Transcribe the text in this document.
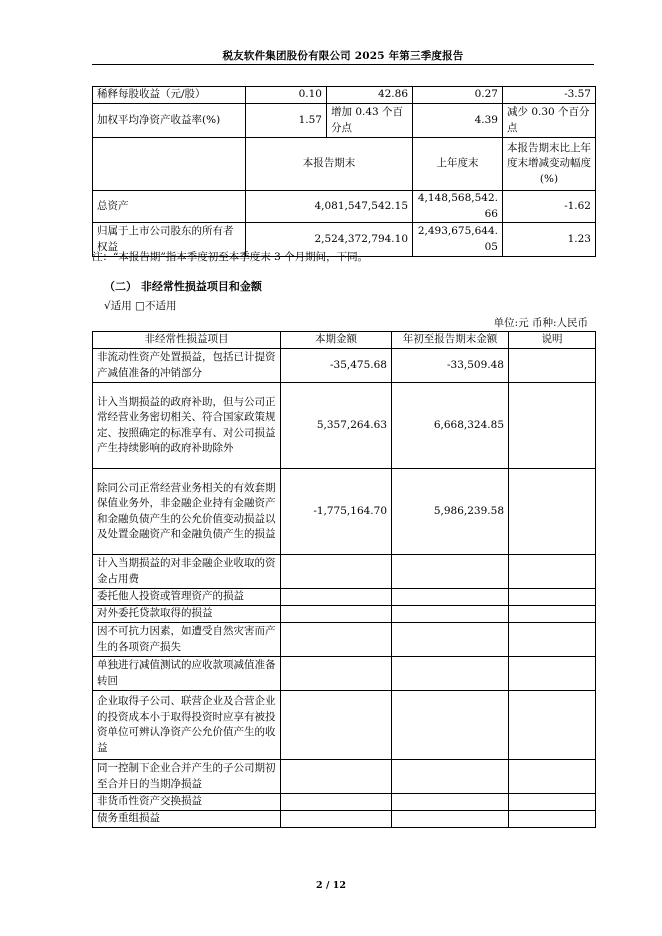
税友软件集团股份有限公司 2025 年第三季度报告
稀释每股收益（元/股）	0.10	42.86	0.27	-3.57
加权平均净资产收益率(%)	1.57	增加 0.43 个百分点	4.39	减少 0.30 个百分点
	本报告期末		上年度末	本报告期末比上年度末增减变动幅度(%)
总资产	4,081,547,542.15		4,148,568,542.66	-1.62
归属于上市公司股东的所有者权益	2,524,372,794.10		2,493,675,644.05	1.23
注：“本报告期”指本季度初至本季度末 3 个月期间，下同。
（二） 非经常性损益项目和金额
√适用 □不适用
单位:元 币种:人民币
非经常性损益项目	本期金额	年初至报告期末金额	说明
非流动性资产处置损益，包括已计提资产减值准备的冲销部分	-35,475.68	-33,509.48	
计入当期损益的政府补助，但与公司正常经营业务密切相关、符合国家政策规定、按照确定的标准享有、对公司损益产生持续影响的政府补助除外	5,357,264.63	6,668,324.85	
除同公司正常经营业务相关的有效套期保值业务外，非金融企业持有金融资产和金融负债产生的公允价值变动损益以及处置金融资产和金融负债产生的损益	-1,775,164.70	5,986,239.58	
计入当期损益的对非金融企业收取的资金占用费			
委托他人投资或管理资产的损益			
对外委托贷款取得的损益			
因不可抗力因素，如遭受自然灾害而产生的各项资产损失			
单独进行减值测试的应收款项减值准备转回			
企业取得子公司、联营企业及合营企业的投资成本小于取得投资时应享有被投资单位可辨认净资产公允价值产生的收益			
同一控制下企业合并产生的子公司期初至合并日的当期净损益			
非货币性资产交换损益			
债务重组损益			
2 / 12
